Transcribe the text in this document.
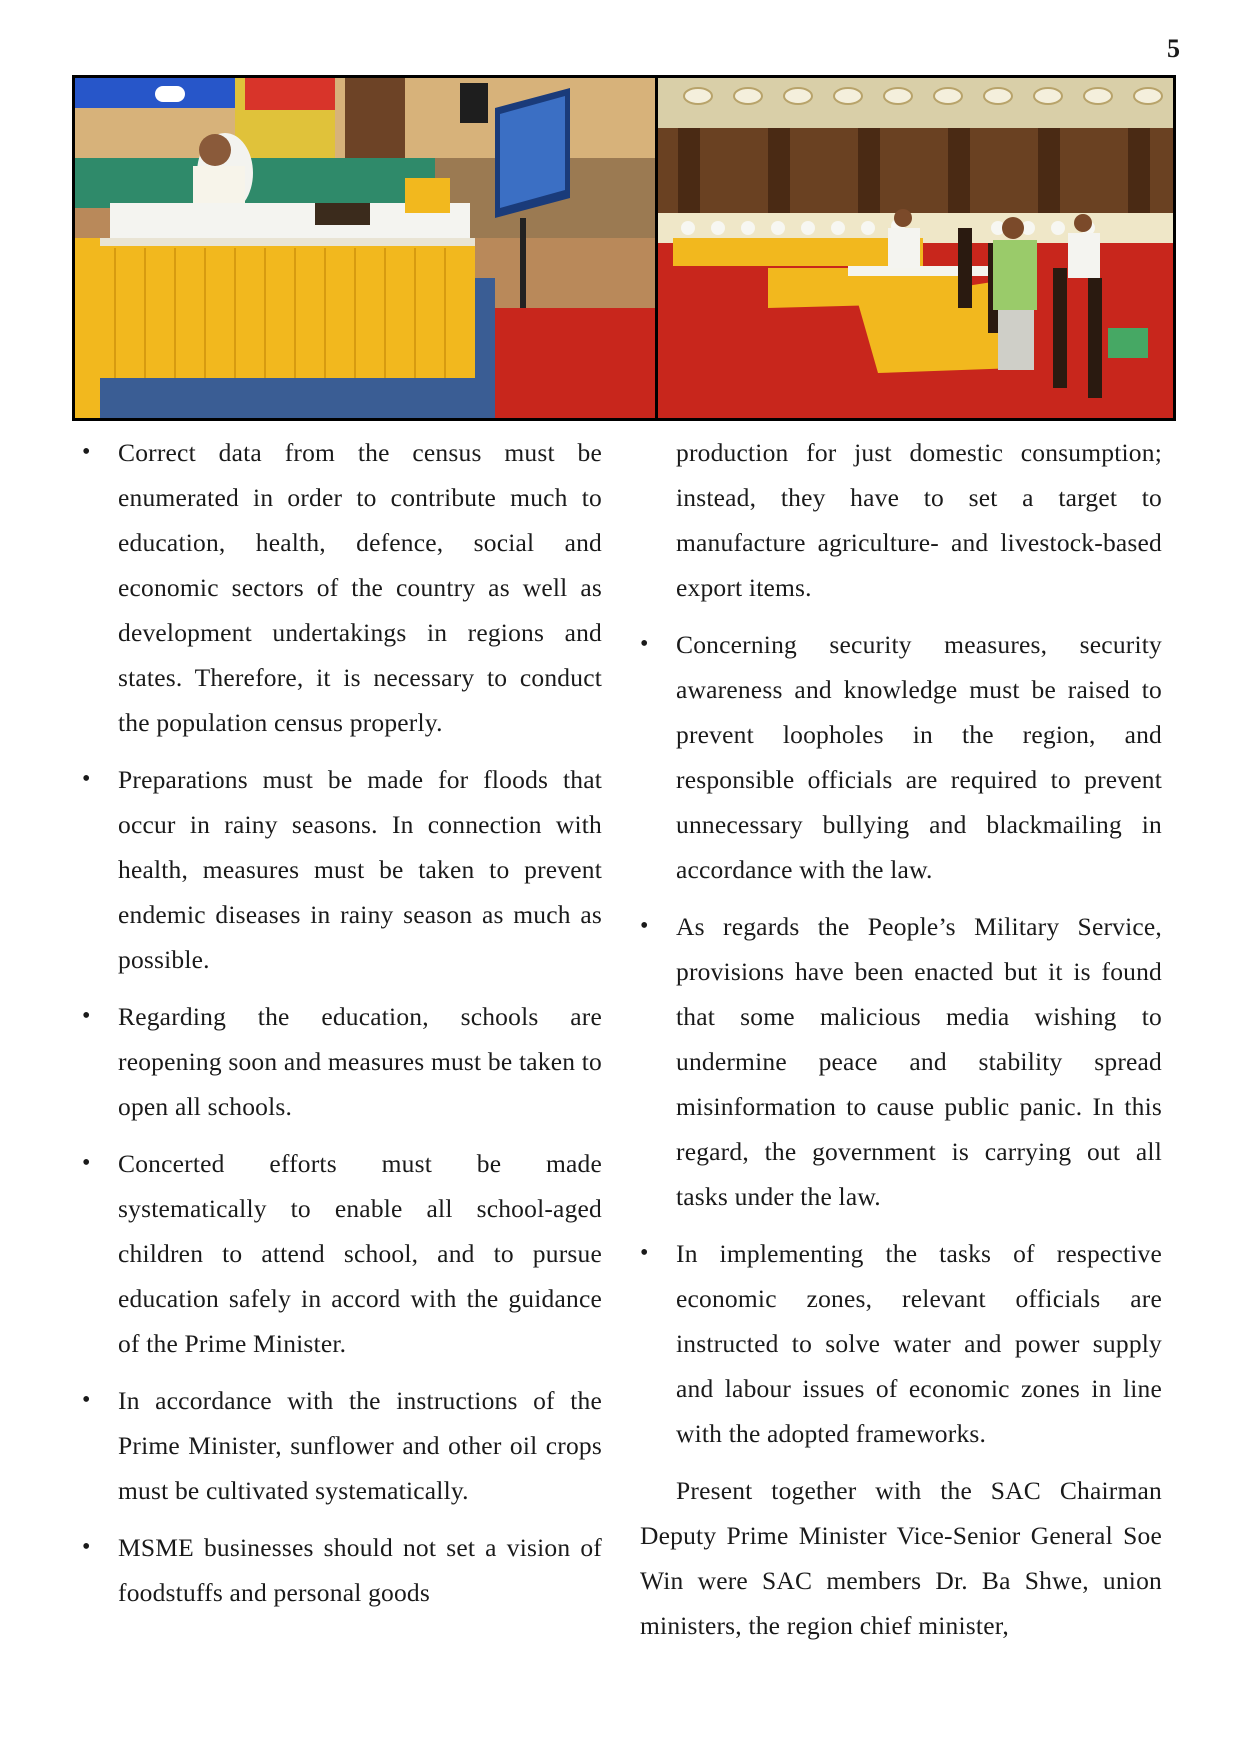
5

• Correct data from the census must be enumerated in order to contribute much to education, health, defence, social and economic sectors of the country as well as development undertakings in regions and states. Therefore, it is necessary to conduct the population census properly.

• Preparations must be made for floods that occur in rainy seasons. In connection with health, measures must be taken to prevent endemic diseases in rainy season as much as possible.

• Regarding the education, schools are reopening soon and measures must be taken to open all schools.

• Concerted efforts must be made systematically to enable all school-aged children to attend school, and to pursue education safely in accord with the guidance of the Prime Minister.

• In accordance with the instructions of the Prime Minister, sunflower and other oil crops must be cultivated systematically.

• MSME businesses should not set a vision of foodstuffs and personal goods

production for just domestic consumption; instead, they have to set a target to manufacture agriculture- and livestock-based export items.

• Concerning security measures, security awareness and knowledge must be raised to prevent loopholes in the region, and responsible officials are required to prevent unnecessary bullying and blackmailing in accordance with the law.

• As regards the People’s Military Service, provisions have been enacted but it is found that some malicious media wishing to undermine peace and stability spread misinformation to cause public panic. In this regard, the government is carrying out all tasks under the law.

• In implementing the tasks of respective economic zones, relevant officials are instructed to solve water and power supply and labour issues of economic zones in line with the adopted frameworks.

Present together with the SAC Chairman Deputy Prime Minister Vice-Senior General Soe Win were SAC members Dr. Ba Shwe, union ministers, the region chief minister,
